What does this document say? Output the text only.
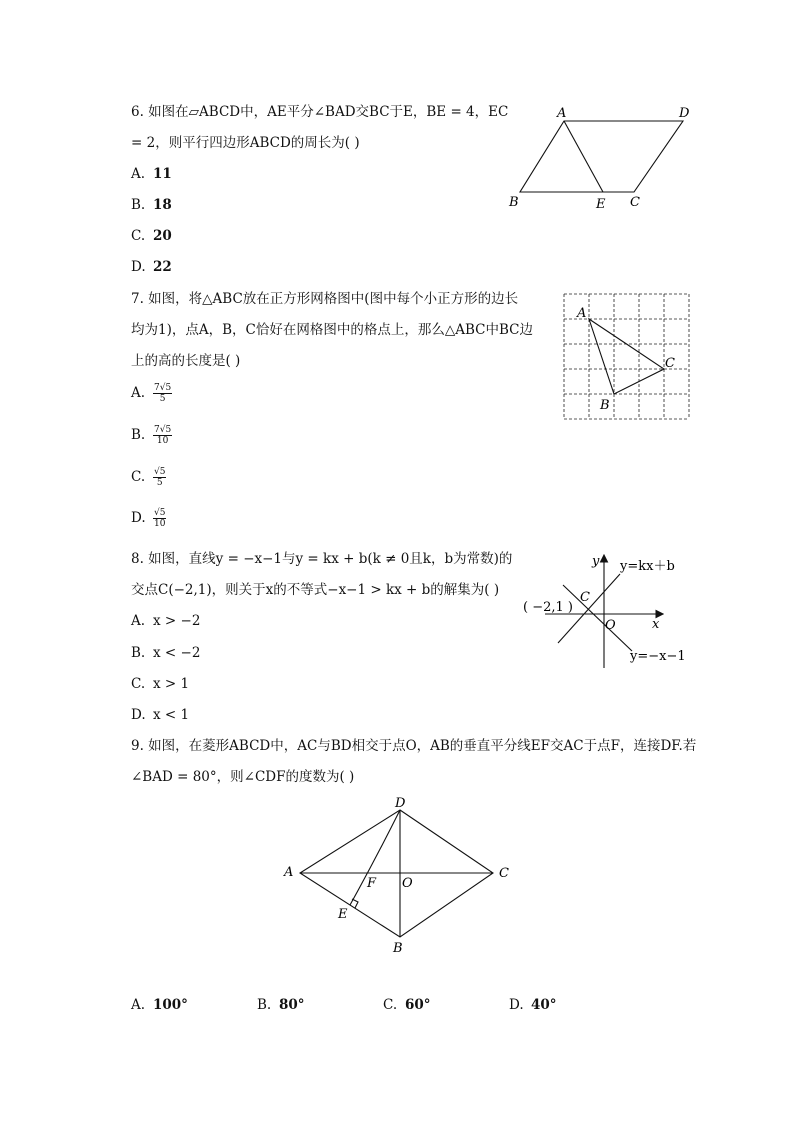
6. 如图在▱ABCD中，AE平分∠BAD交BC于E，BE = 4，EC
= 2，则平行四边形ABCD的周长为( )
A. 11
B. 18
C. 20
D. 22
A	D
B	E C
7. 如图，将△ABC放在正方形网格图中(图中每个小正方形的边长
均为1)，点A，B，C恰好在网格图中的格点上，那么△ABC中BC边
上的高的长度是( )
A. $\frac{7√5}{5}$
B. $\frac{7√5}{10}$
C. $\frac{√5}{5}$
D. $\frac{√5}{10}$
A
C
B
8. 如图，直线y = −x−1与y = kx + b(k ≠ 0且k，b为常数)的
交点C(−2,1)，则关于x的不等式−x−1 > kx + b的解集为( )
A. x > −2
B. x < −2
C. x > 1
D. x < 1
y
x
O
C
( −2,1 )
y=kx＋b
y=−x−1
9. 如图，在菱形ABCD中，AC与BD相交于点O，AB的垂直平分线EF交AC于点F，连接DF.若
∠BAD = 80°，则∠CDF的度数为( )
D
A	C
B
O
F
E
A. 100°	B. 80°	C. 60°	D. 40°
